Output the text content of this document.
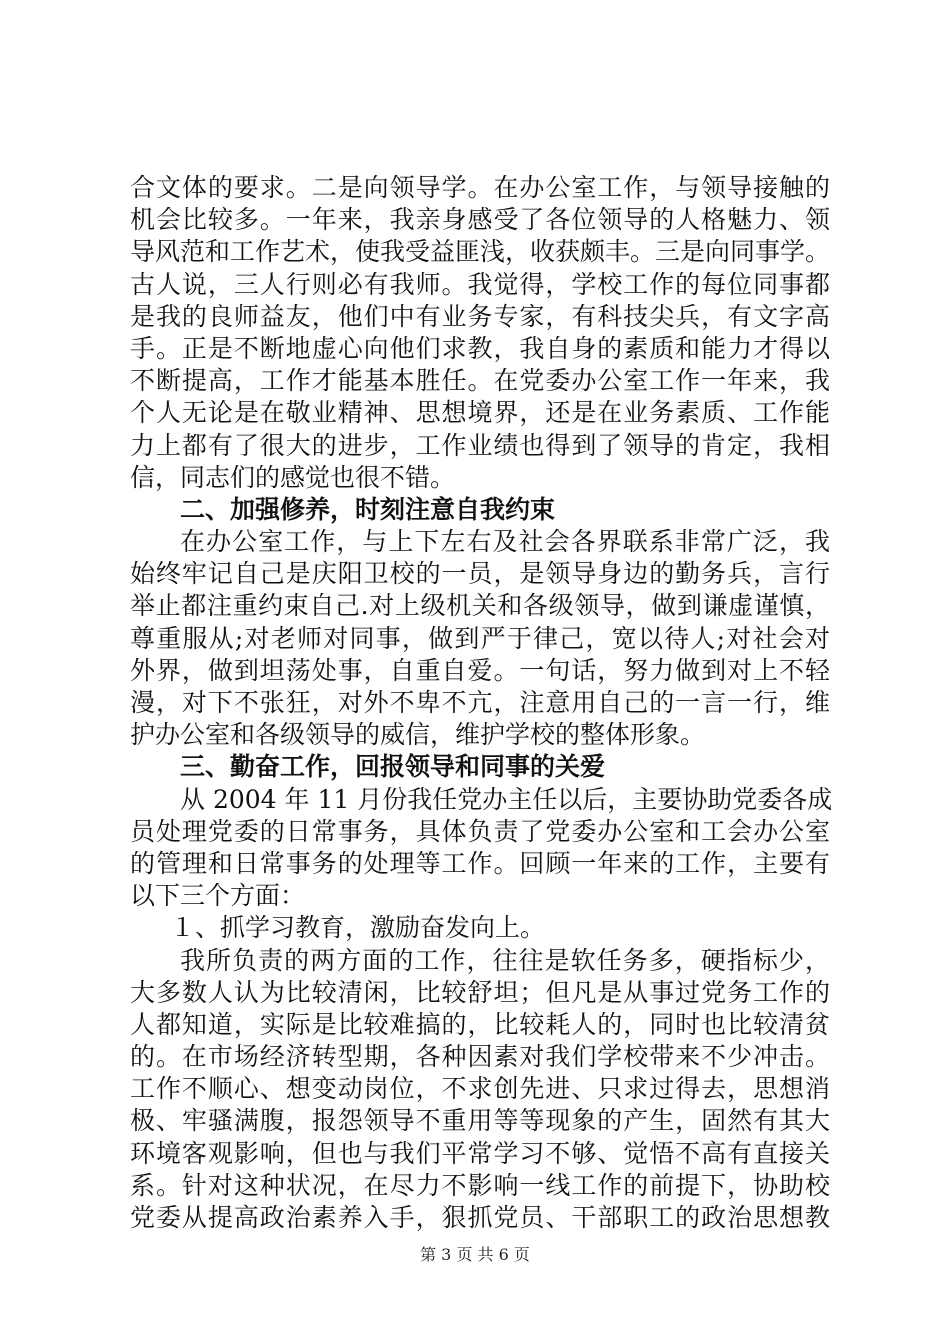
合文体的要求。二是向领导学。在办公室工作，与领导接触的
机会比较多。一年来，我亲身感受了各位领导的人格魅力、领
导风范和工作艺术，使我受益匪浅，收获颇丰。三是向同事学。
古人说，三人行则必有我师。我觉得，学校工作的每位同事都
是我的良师益友，他们中有业务专家，有科技尖兵，有文字高
手。正是不断地虚心向他们求教，我自身的素质和能力才得以
不断提高，工作才能基本胜任。在党委办公室工作一年来，我
个人无论是在敬业精神、思想境界，还是在业务素质、工作能
力上都有了很大的进步，工作业绩也得到了领导的肯定，我相
信，同志们的感觉也很不错。
二、加强修养，时刻注意自我约束
在办公室工作，与上下左右及社会各界联系非常广泛，我
始终牢记自己是庆阳卫校的一员，是领导身边的勤务兵，言行
举止都注重约束自己.对上级机关和各级领导，做到谦虚谨慎，
尊重服从;对老师对同事，做到严于律己，宽以待人;对社会对
外界，做到坦荡处事，自重自爱。一句话，努力做到对上不轻
漫，对下不张狂，对外不卑不亢，注意用自己的一言一行，维
护办公室和各级领导的威信，维护学校的整体形象。
三、勤奋工作，回报领导和同事的关爱
从 2004 年 11 月份我任党办主任以后，主要协助党委各成
员处理党委的日常事务，具体负责了党委办公室和工会办公室
的管理和日常事务的处理等工作。回顾一年来的工作，主要有
以下三个方面：
１、抓学习教育，激励奋发向上。
我所负责的两方面的工作，往往是软任务多，硬指标少，
大多数人认为比较清闲，比较舒坦；但凡是从事过党务工作的
人都知道，实际是比较难搞的，比较耗人的，同时也比较清贫
的。在市场经济转型期，各种因素对我们学校带来不少冲击。
工作不顺心、想变动岗位，不求创先进、只求过得去，思想消
极、牢骚满腹，报怨领导不重用等等现象的产生，固然有其大
环境客观影响，但也与我们平常学习不够、觉悟不高有直接关
系。针对这种状况，在尽力不影响一线工作的前提下，协助校
党委从提高政治素养入手，狠抓党员、干部职工的政治思想教
第 3 页 共 6 页
